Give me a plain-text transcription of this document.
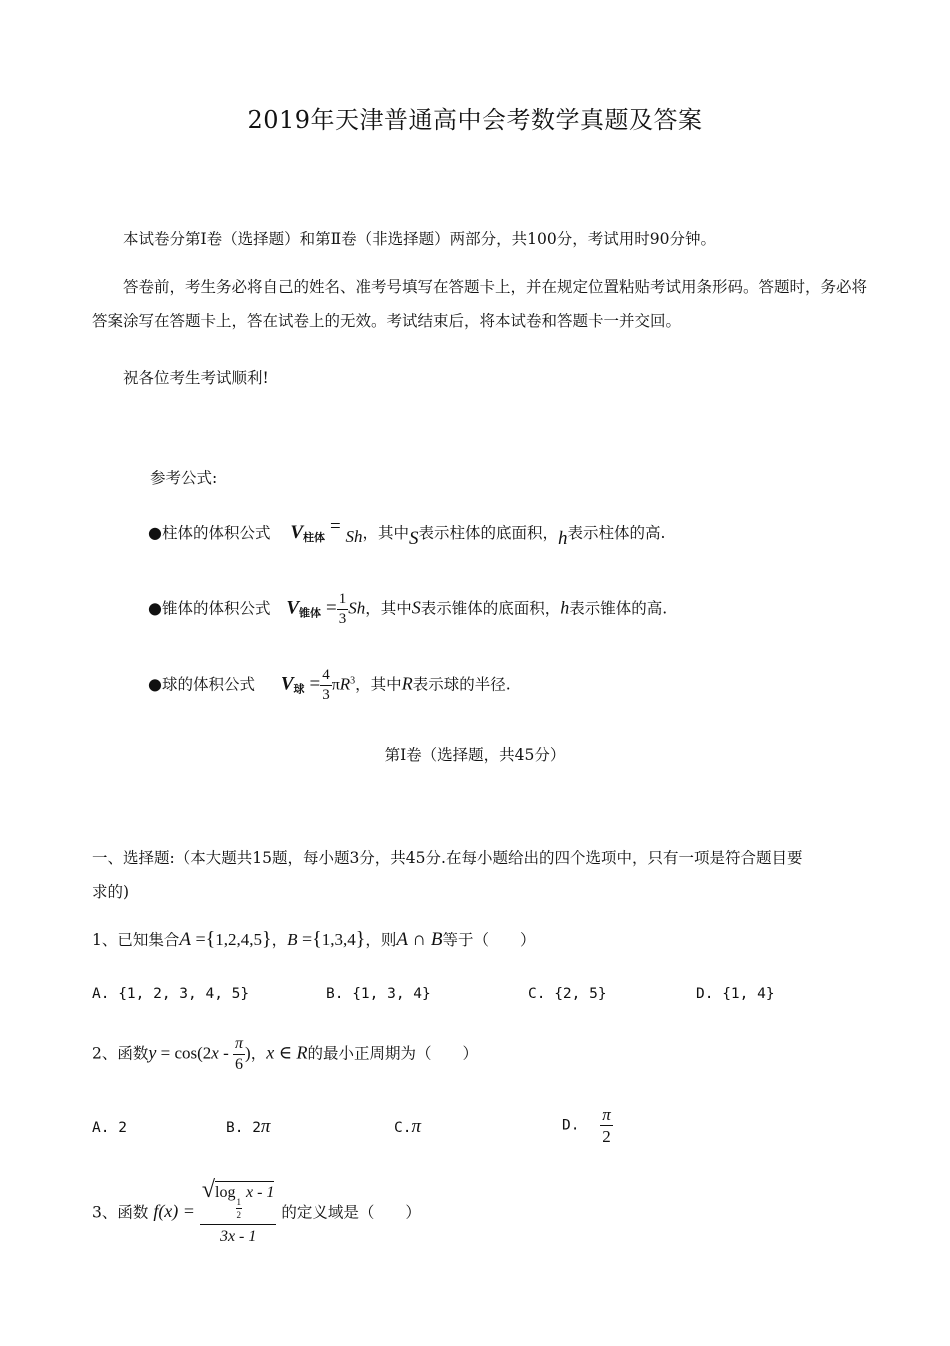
2019年天津普通高中会考数学真题及答案
本试卷分第Ⅰ卷（选择题）和第Ⅱ卷（非选择题）两部分，共100分，考试用时90分钟。
答卷前，考生务必将自己的姓名、准考号填写在答题卡上，并在规定位置粘贴考试用条形码。答题时，务必将答案涂写在答题卡上，答在试卷上的无效。考试结束后，将本试卷和答题卡一并交回。
祝各位考生考试顺利!
参考公式:
●柱体的体积公式 $V_{柱体} = Sh$，其中S表示柱体的底面积，h表示柱体的高.
●锥体的体积公式 $V_{锥体} = \frac{1}{3}$ Sh，其中S表示锥体的底面积，h表示锥体的高.
●球的体积公式 $V_球 = \frac{4}{3} \pi R^3$，其中R表示球的半径.
第Ⅰ卷（选择题，共45分）
一、选择题:（本大题共15题，每小题3分，共45分.在每小题给出的四个选项中，只有一项是符合题目要
求的)
1、已知集合A ={1,2,4,5}，B ={1,3,4}，则A ∩ B等于（　　）
A. {1, 2, 3, 4, 5}	B. {1, 3, 4}	C. {2, 5}	D. {1, 4}
2、函数$y = \cos(2x - \frac{\pi}{6}$ )，x ∈ R的最小正周期为（　　）
A. 2	B. 2π	C.π	D. $\frac{\pi}{2}$
3、函数 f(x) = √log
$\frac{1}{2}$
x - 1
3x - 1 的定义域是（　　）
